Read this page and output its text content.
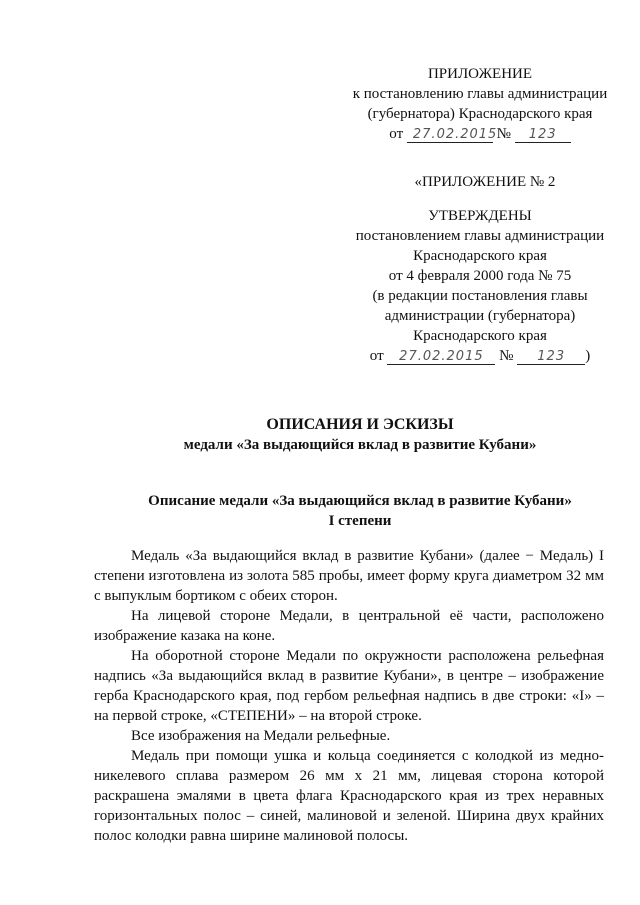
ПРИЛОЖЕНИЕ
к постановлению главы администрации
(губернатора) Краснодарского края
от 27.02.2015 № 123
«ПРИЛОЖЕНИЕ № 2
УТВЕРЖДЕНЫ
постановлением главы администрации
Краснодарского края
от 4 февраля 2000 года № 75
(в редакции постановления главы
администрации (губернатора)
Краснодарского края
от 27.02.2015 № 123 )
ОПИСАНИЯ И ЭСКИЗЫ
медали «За выдающийся вклад в развитие Кубани»
Описание медали «За выдающийся вклад в развитие Кубани»
I степени

Медаль «За выдающийся вклад в развитие Кубани» (далее − Медаль) I степени изготовлена из золота 585 пробы, имеет форму круга диаметром 32 мм с выпуклым бортиком с обеих сторон.

На лицевой стороне Медали, в центральной её части, расположено изображение казака на коне.

На оборотной стороне Медали по окружности расположена рельефная надпись «За выдающийся вклад в развитие Кубани», в центре – изображение герба Краснодарского края, под гербом рельефная надпись в две строки: «I» – на первой строке, «СТЕПЕНИ» – на второй строке.

Все изображения на Медали рельефные.

Медаль при помощи ушка и кольца соединяется с колодкой из медно-никелевого сплава размером 26 мм х 21 мм, лицевая сторона которой раскрашена эмалями в цвета флага Краснодарского края из трех неравных горизонтальных полос – синей, малиновой и зеленой. Ширина двух крайних полос колодки равна ширине малиновой полосы.
